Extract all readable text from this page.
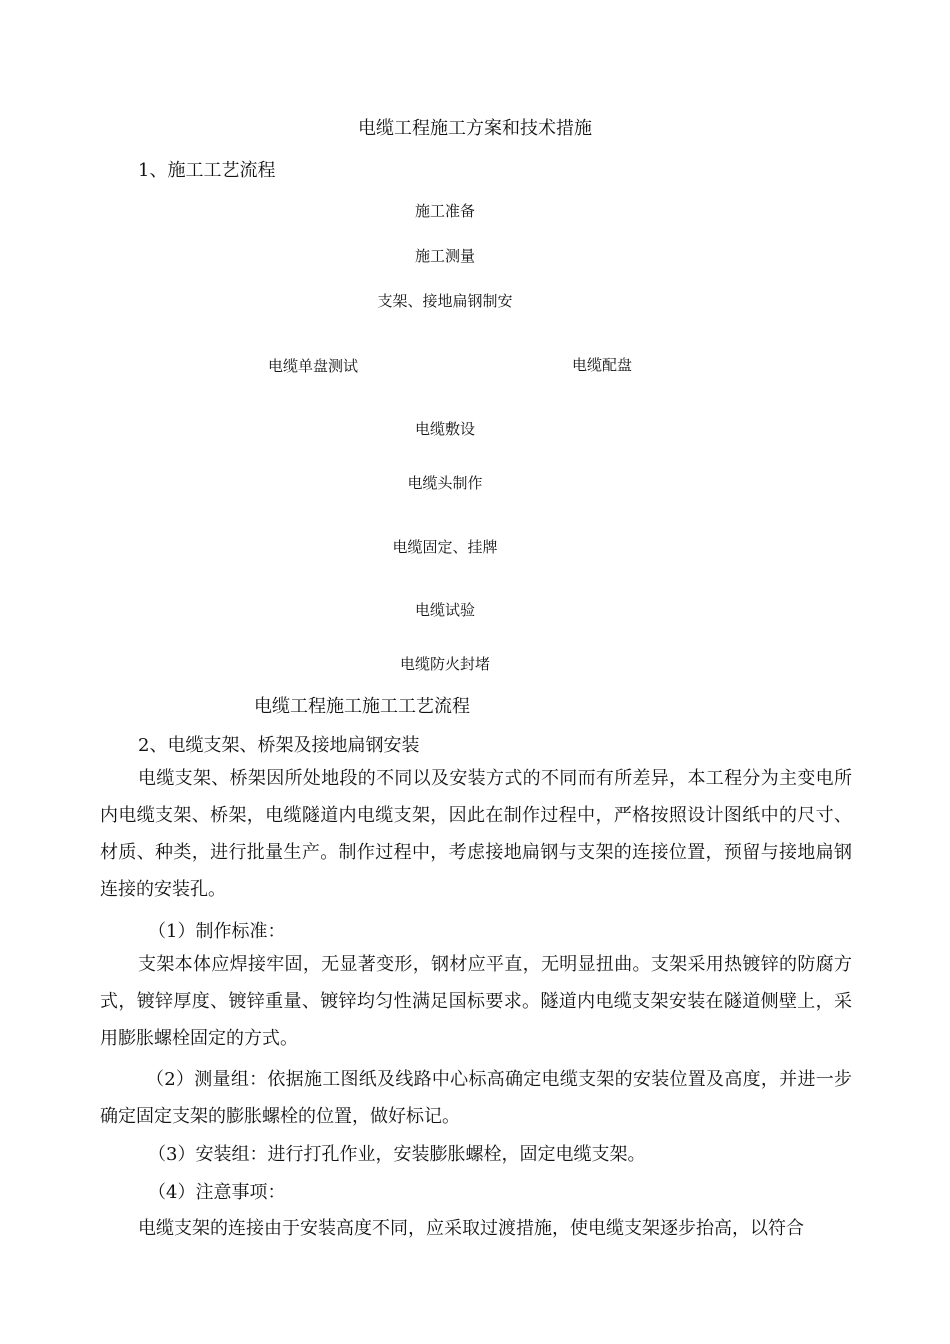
电缆工程施工方案和技术措施
1、施工工艺流程
施工准备
施工测量
支架、接地扁钢制安
电缆单盘测试	电缆配盘
电缆敷设
电缆头制作
电缆固定、挂牌
电缆试验
电缆防火封堵
电缆工程施工施工工艺流程
2、电缆支架、桥架及接地扁钢安装
电缆支架、桥架因所处地段的不同以及安装方式的不同而有所差异，本工程分为主变电所内电缆支架、桥架，电缆隧道内电缆支架，因此在制作过程中，严格按照设计图纸中的尺寸、材质、种类，进行批量生产。制作过程中，考虑接地扁钢与支架的连接位置，预留与接地扁钢连接的安装孔。
（1）制作标准：
支架本体应焊接牢固，无显著变形，钢材应平直，无明显扭曲。支架采用热镀锌的防腐方式，镀锌厚度、镀锌重量、镀锌均匀性满足国标要求。隧道内电缆支架安装在隧道侧壁上，采用膨胀螺栓固定的方式。
（2）测量组：依据施工图纸及线路中心标高确定电缆支架的安装位置及高度，并进一步确定固定支架的膨胀螺栓的位置，做好标记。
（3）安装组：进行打孔作业，安装膨胀螺栓，固定电缆支架。
（4）注意事项：
电缆支架的连接由于安装高度不同，应采取过渡措施，使电缆支架逐步抬高，以符合
